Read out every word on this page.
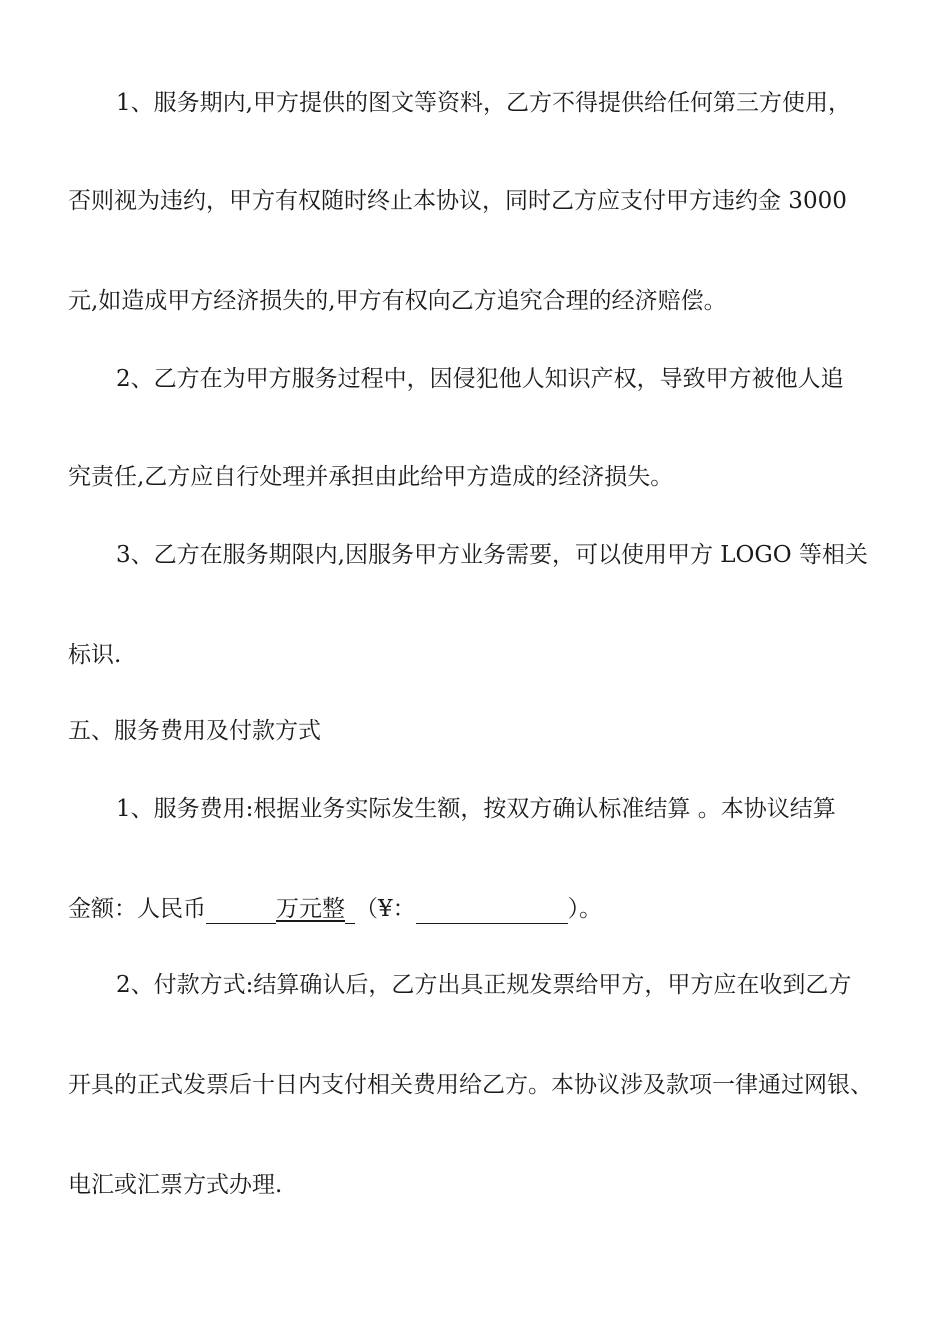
1、服务期内,甲方提供的图文等资料，乙方不得提供给任何第三方使用，
否则视为违约，甲方有权随时终止本协议，同时乙方应支付甲方违约金 3000
元,如造成甲方经济损失的,甲方有权向乙方追究合理的经济赔偿。
2、乙方在为甲方服务过程中，因侵犯他人知识产权，导致甲方被他人追
究责任,乙方应自行处理并承担由此给甲方造成的经济损失。
3、乙方在服务期限内,因服务甲方业务需要，可以使用甲方 LOGO 等相关
标识.
五、服务费用及付款方式
1、服务费用:根据业务实际发生额，按双方确认标准结算 。本协议结算
金额：人民币	万元整 （¥：	）。
2、付款方式:结算确认后，乙方出具正规发票给甲方，甲方应在收到乙方
开具的正式发票后十日内支付相关费用给乙方。本协议涉及款项一律通过网银、
电汇或汇票方式办理.
